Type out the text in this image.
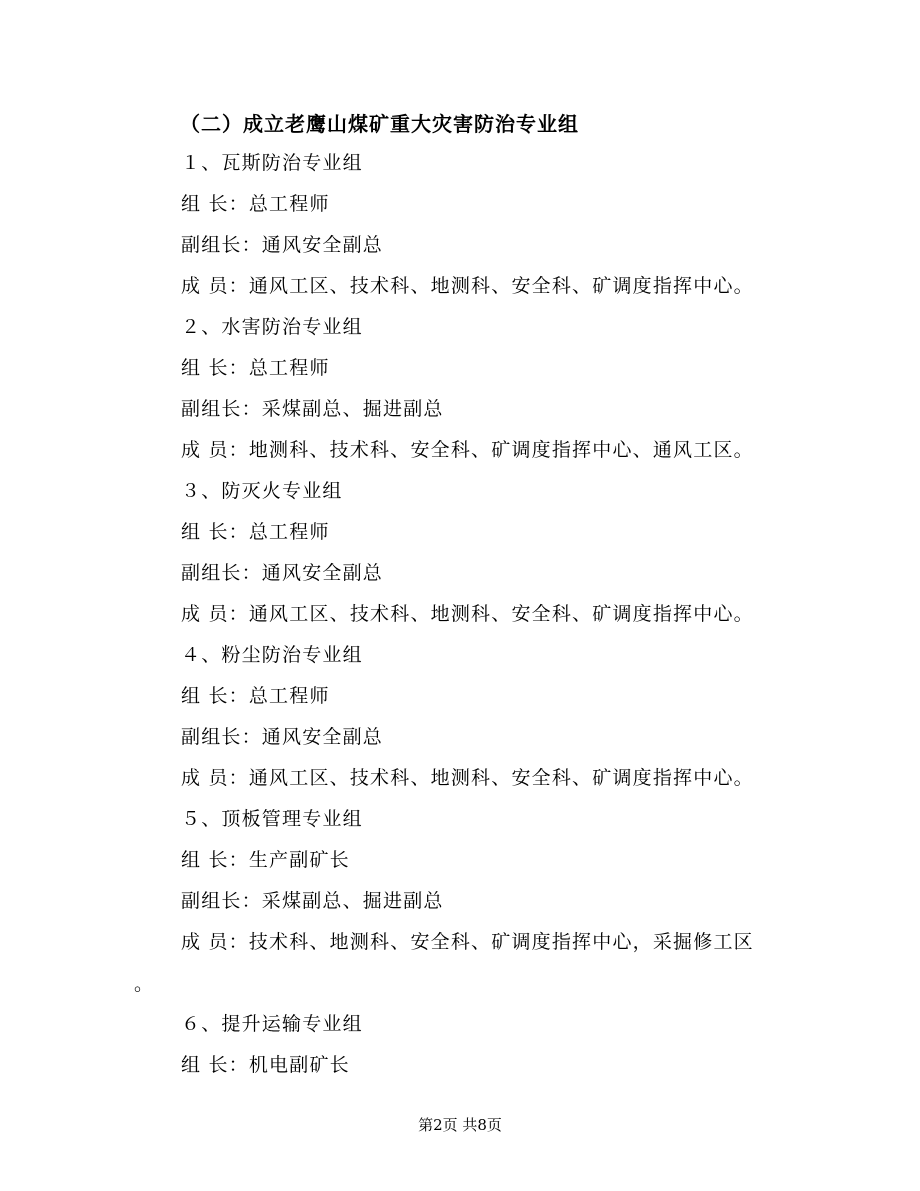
（二）成立老鹰山煤矿重大灾害防治专业组
１、瓦斯防治专业组
组 长：总工程师
副组长：通风安全副总
成 员：通风工区、技术科、地测科、安全科、矿调度指挥中心。
２、水害防治专业组
组 长：总工程师
副组长：采煤副总、掘进副总
成 员：地测科、技术科、安全科、矿调度指挥中心、通风工区。
３、防灭火专业组
组 长：总工程师
副组长：通风安全副总
成 员：通风工区、技术科、地测科、安全科、矿调度指挥中心。
４、粉尘防治专业组
组 长：总工程师
副组长：通风安全副总
成 员：通风工区、技术科、地测科、安全科、矿调度指挥中心。
５、顶板管理专业组
组 长：生产副矿长
副组长：采煤副总、掘进副总
成 员：技术科、地测科、安全科、矿调度指挥中心，采掘修工区
。
６、提升运输专业组
组 长：机电副矿长
第2页 共8页
